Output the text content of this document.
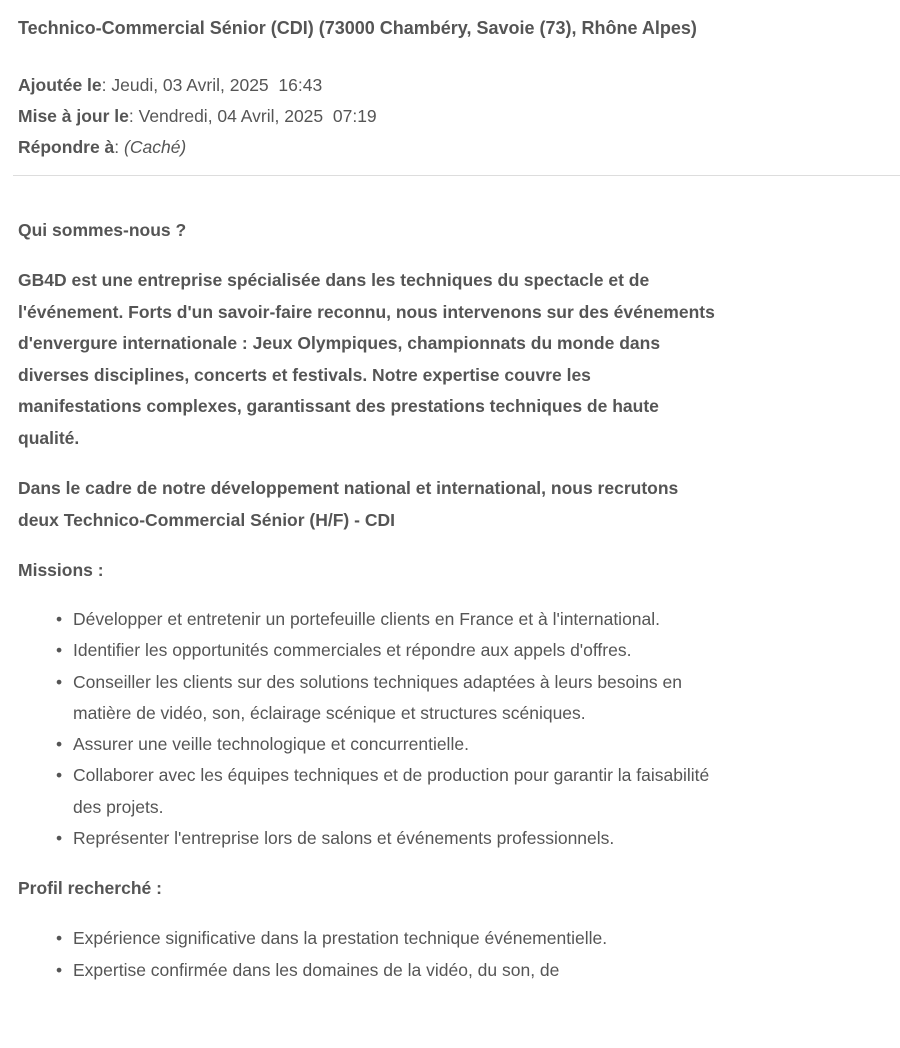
Technico-Commercial Sénior (CDI) (73000 Chambéry, Savoie (73), Rhône Alpes)
Ajoutée le: Jeudi, 03 Avril, 2025  16:43
Mise à jour le: Vendredi, 04 Avril, 2025  07:19
Répondre à: (Caché)

Qui sommes-nous ?

GB4D est une entreprise spécialisée dans les techniques du spectacle et de l'événement. Forts d'un savoir-faire reconnu, nous intervenons sur des événements d'envergure internationale : Jeux Olympiques, championnats du monde dans diverses disciplines, concerts et festivals. Notre expertise couvre les manifestations complexes, garantissant des prestations techniques de haute qualité.

Dans le cadre de notre développement national et international, nous recrutons deux Technico-Commercial Sénior (H/F) - CDI

Missions :

• Développer et entretenir un portefeuille clients en France et à l'international.
• Identifier les opportunités commerciales et répondre aux appels d'offres.
• Conseiller les clients sur des solutions techniques adaptées à leurs besoins en matière de vidéo, son, éclairage scénique et structures scéniques.
• Assurer une veille technologique et concurrentielle.
• Collaborer avec les équipes techniques et de production pour garantir la faisabilité des projets.
• Représenter l'entreprise lors de salons et événements professionnels.

Profil recherché :

• Expérience significative dans la prestation technique événementielle.
• Expertise confirmée dans les domaines de la vidéo, du son, de
